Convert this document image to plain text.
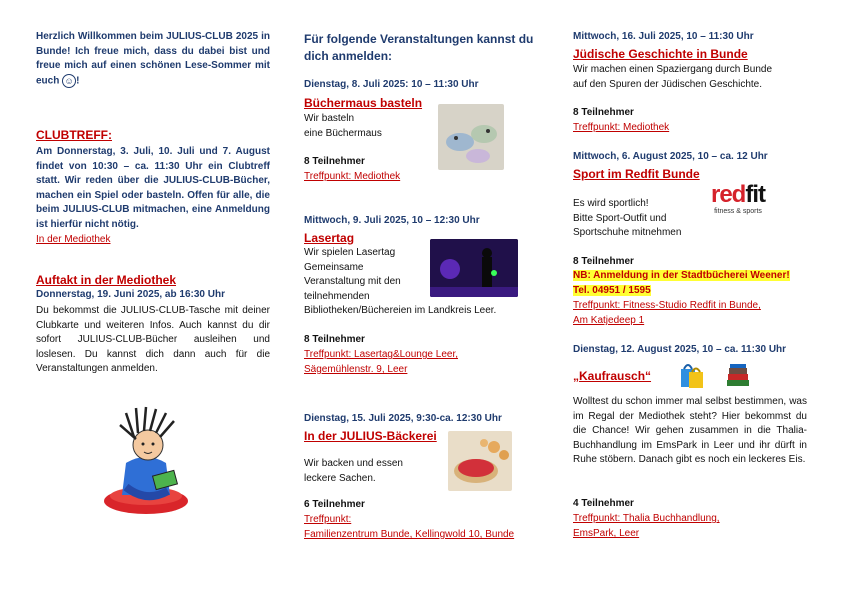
Herzlich Willkommen beim JULIUS-CLUB 2025 in Bunde! Ich freue mich, dass du dabei bist und freue mich auf einen schönen Lese-Sommer mit euch ☺ !

CLUBTREFF:

Am Donnerstag, 3. Juli, 10. Juli und 7. August findet von 10:30 – ca. 11:30 Uhr ein Clubtreff statt. Wir reden über die JULIUS-CLUB-Bücher, machen ein Spiel oder basteln. Offen für alle, die beim JULIUS-CLUB mitmachen, eine Anmeldung ist hierfür nicht nötig.

In der Mediothek
Auftakt in der Mediothek
Donnerstag, 19. Juni 2025, ab 16:30 Uhr

Du bekommst die JULIUS-CLUB-Tasche mit deiner Clubkarte und weiteren Infos. Auch kannst du dir sofort JULIUS-CLUB-Bücher ausleihen und loslesen. Du kannst dich dann auch für die Veranstaltungen anmelden.

Für folgende Veranstaltungen kannst du dich anmelden:
Dienstag, 8. Juli 2025: 10 – 11:30 Uhr
Büchermaus basteln

Wir basteln

eine Büchermaus

8 Teilnehmer
Treffpunkt: Mediothek
Mittwoch, 9. Juli 2025, 10 – 12:30 Uhr
Lasertag

Wir spielen Lasertag

Gemeinsame

Veranstaltung mit den

teilnehmenden

Bibliotheken/Büchereien im Landkreis Leer.

8 Teilnehmer
Treffpunkt: Lasertag&Lounge Leer,
Sägemühlenstr. 9, Leer
Dienstag, 15. Juli 2025, 9:30-ca. 12:30 Uhr
In der JULIUS-Bäckerei

Wir backen und essen

leckere Sachen.

6 Teilnehmer
Treffpunkt:
Familienzentrum Bunde, Kellingwold 10, Bunde
Mittwoch, 16. Juli 2025, 10 – 11:30 Uhr
Jüdische Geschichte in Bunde

Wir machen einen Spaziergang durch Bunde

auf den Spuren der Jüdischen Geschichte.

8 Teilnehmer
Treffpunkt: Mediothek
Mittwoch, 6. August 2025, 10 – ca. 12 Uhr
Sport im Redfit Bunde

Es wird sportlich!

Bitte Sport-Outfit und

Sportschuhe mitnehmen

redfit
fitness & sports
8 Teilnehmer
NB: Anmeldung in der Stadtbücherei Weener!
Tel. 04951 / 1595
Treffpunkt: Fitness-Studio Redfit in Bunde,
Am Katjedeep 1
Dienstag, 12. August 2025, 10 – ca. 11:30 Uhr
„Kaufrausch“

Wolltest du schon immer mal selbst bestimmen, was im Regal der Mediothek steht? Hier bekommst du die Chance! Wir gehen zusammen in die Thalia-Buchhandlung im EmsPark in Leer und ihr dürft in Ruhe stöbern. Danach gibt es noch ein leckeres Eis.

4 Teilnehmer
Treffpunkt: Thalia Buchhandlung,
EmsPark, Leer
